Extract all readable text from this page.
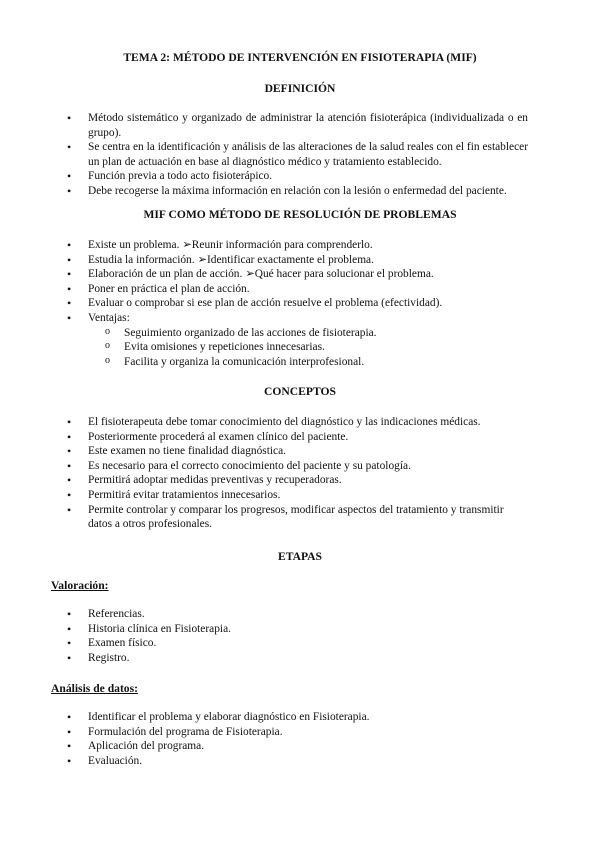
TEMA 2: MÉTODO DE INTERVENCIÓN EN FISIOTERAPIA (MIF)
DEFINICIÓN
• Método sistemático y organizado de administrar la atención fisioterápica (individualizada o en grupo).
• Se centra en la identificación y análisis de las alteraciones de la salud reales con el fin establecer un plan de actuación en base al diagnóstico médico y tratamiento establecido.
• Función previa a todo acto fisioterápico.
• Debe recogerse la máxima información en relación con la lesión o enfermedad del paciente.
MIF COMO MÉTODO DE RESOLUCIÓN DE PROBLEMAS
• Existe un problema. ➢Reunir información para comprenderlo.
• Estudia la información. ➢Identificar exactamente el problema.
• Elaboración de un plan de acción. ➢Qué hacer para solucionar el problema.
• Poner en práctica el plan de acción.
• Evaluar o comprobar si ese plan de acción resuelve el problema (efectividad).
• Ventajas:
o Seguimiento organizado de las acciones de fisioterapia.
o Evita omisiones y repeticiones innecesarias.
o Facilita y organiza la comunicación interprofesional.
CONCEPTOS
• El fisioterapeuta debe tomar conocimiento del diagnóstico y las indicaciones médicas.
• Posteriormente procederá al examen clínico del paciente.
• Este examen no tiene finalidad diagnóstica.
• Es necesario para el correcto conocimiento del paciente y su patología.
• Permitirá adoptar medidas preventivas y recuperadoras.
• Permitirá evitar tratamientos innecesarios.
• Permite controlar y comparar los progresos, modificar aspectos del tratamiento y transmitir datos a otros profesionales.
ETAPAS
Valoración:
• Referencias.
• Historia clínica en Fisioterapia.
• Examen físico.
• Registro.
Análisis de datos:
• Identificar el problema y elaborar diagnóstico en Fisioterapia.
• Formulación del programa de Fisioterapia.
• Aplicación del programa.
• Evaluación.
